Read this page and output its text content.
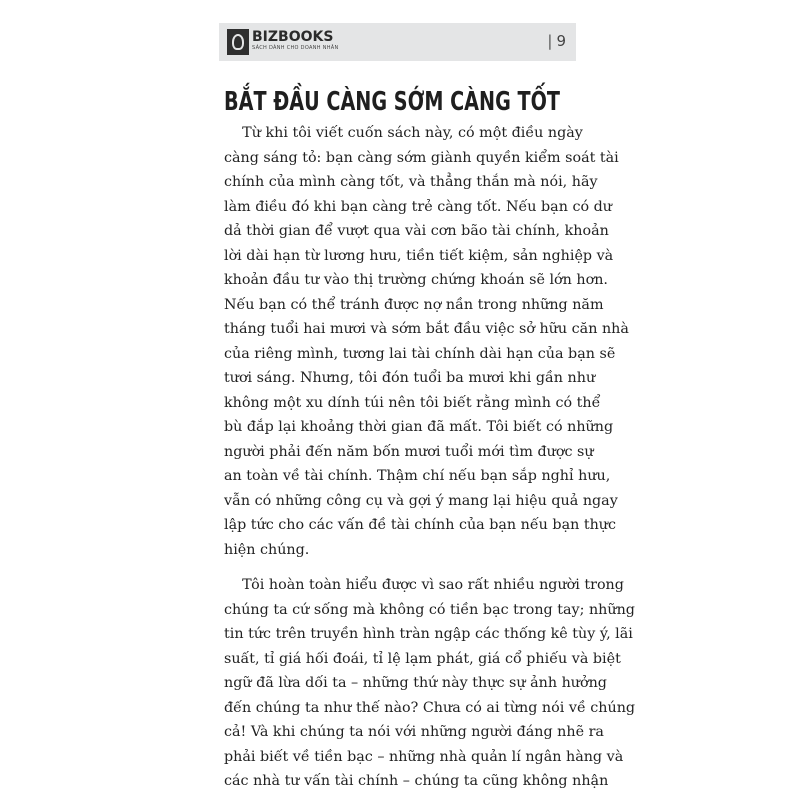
BIZBOOKS
SÁCH DÀNH CHO DOANH NHÂN	| 9
BẮT ĐẦU CÀNG SỚM CÀNG TỐT
Từ khi tôi viết cuốn sách này, có một điều ngày
càng sáng tỏ: bạn càng sớm giành quyền kiểm soát tài
chính của mình càng tốt, và thẳng thắn mà nói, hãy
làm điều đó khi bạn càng trẻ càng tốt. Nếu bạn có dư
dả thời gian để vượt qua vài cơn bão tài chính, khoản
lời dài hạn từ lương hưu, tiền tiết kiệm, sản nghiệp và
khoản đầu tư vào thị trường chứng khoán sẽ lớn hơn.
Nếu bạn có thể tránh được nợ nần trong những năm
tháng tuổi hai mươi và sớm bắt đầu việc sở hữu căn nhà
của riêng mình, tương lai tài chính dài hạn của bạn sẽ
tươi sáng. Nhưng, tôi đón tuổi ba mươi khi gần như
không một xu dính túi nên tôi biết rằng mình có thể
bù đắp lại khoảng thời gian đã mất. Tôi biết có những
người phải đến năm bốn mươi tuổi mới tìm được sự
an toàn về tài chính. Thậm chí nếu bạn sắp nghỉ hưu,
vẫn có những công cụ và gợi ý mang lại hiệu quả ngay
lập tức cho các vấn đề tài chính của bạn nếu bạn thực
hiện chúng.
Tôi hoàn toàn hiểu được vì sao rất nhiều người trong
chúng ta cứ sống mà không có tiền bạc trong tay; những
tin tức trên truyền hình tràn ngập các thống kê tùy ý, lãi
suất, tỉ giá hối đoái, tỉ lệ lạm phát, giá cổ phiếu và biệt
ngữ đã lừa dối ta – những thứ này thực sự ảnh hưởng
đến chúng ta như thế nào? Chưa có ai từng nói về chúng
cả! Và khi chúng ta nói với những người đáng nhẽ ra
phải biết về tiền bạc – những nhà quản lí ngân hàng và
các nhà tư vấn tài chính – chúng ta cũng không nhận
